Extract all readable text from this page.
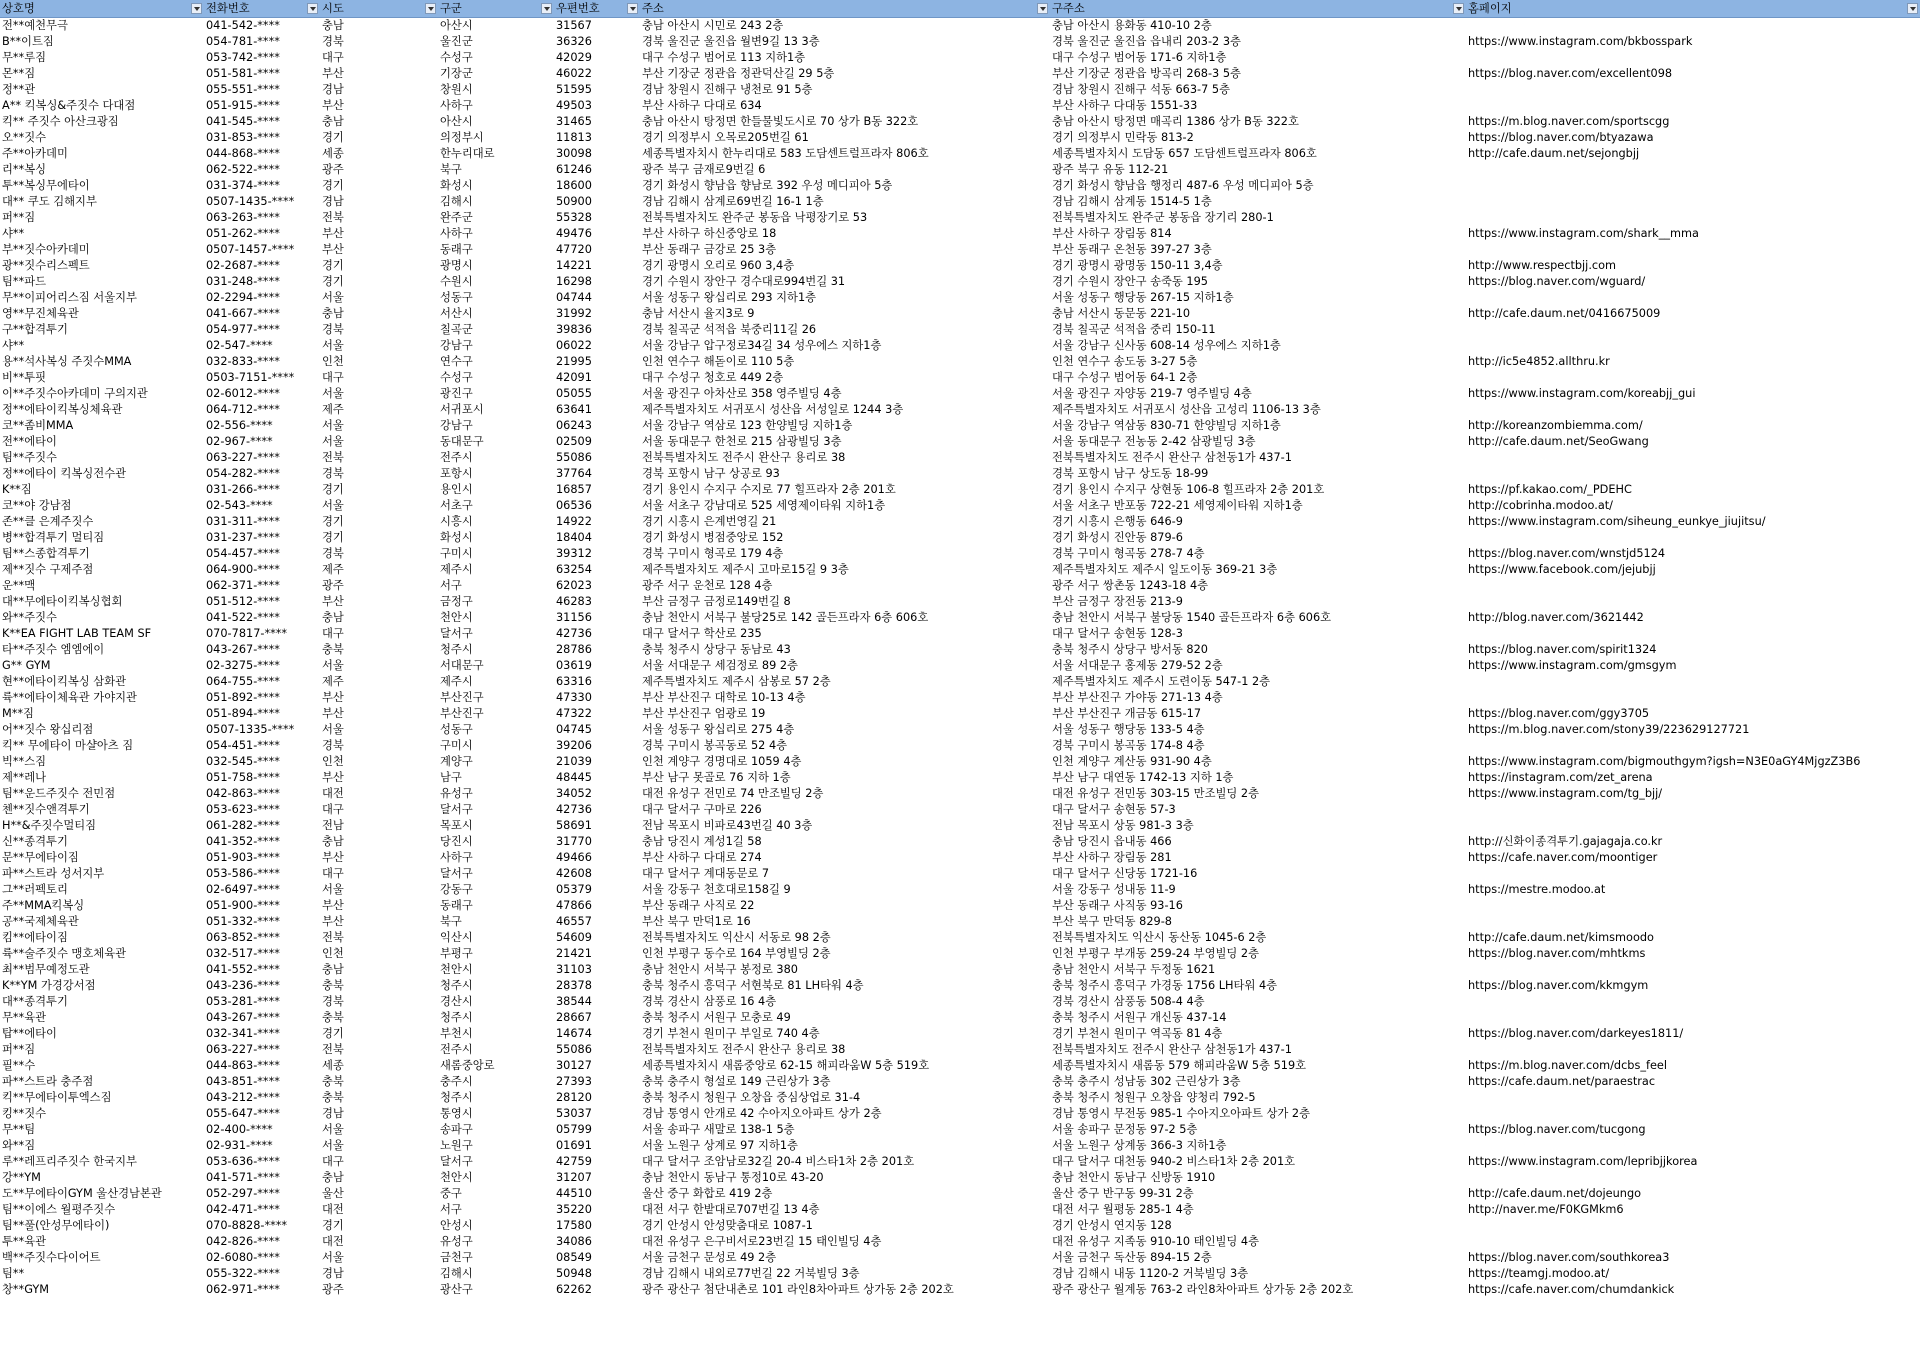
상호명	전화번호	시도	구군	우편번호	주소	구주소	홈페이지

전**예천무극	041-542-****	충남	아산시	31567	충남 아산시 시민로 243 2층	충남 아산시 용화동 410-10 2층	
B**이트짐	054-781-****	경북	울진군	36326	경북 울진군 울진읍 월변9길 13 3층	경북 울진군 울진읍 읍내리 203-2 3층	https://www.instagram.com/bkbosspark
무**루짐	053-742-****	대구	수성구	42029	대구 수성구 범어로 113 지하1층	대구 수성구 범어동 171-6 지하1층	
몬**짐	051-581-****	부산	기장군	46022	부산 기장군 정관읍 정관덕산길 29 5층	부산 기장군 정관읍 방곡리 268-3 5층	https://blog.naver.com/excellent098
정**관	055-551-****	경남	창원시	51595	경남 창원시 진해구 냉천로 91 5층	경남 창원시 진해구 석동 663-7 5층	
A** 킥복싱&주짓수 다대점	051-915-****	부산	사하구	49503	부산 사하구 다대로 634	부산 사하구 다대동 1551-33	
킥** 주짓수 아산크광짐	041-545-****	충남	아산시	31465	충남 아산시 탕정면 한들물빛도시로 70 상가 B동 322호	충남 아산시 탕정면 매곡리 1386 상가 B동 322호	https://m.blog.naver.com/sportscgg
오**짓수	031-853-****	경기	의정부시	11813	경기 의정부시 오목로205번길 61	경기 의정부시 민락동 813-2	https://blog.naver.com/btyazawa
주**아카데미	044-868-****	세종	한누리대로	30098	세종특별자치시 한누리대로 583 도담센트럴프라자 806호	세종특별자치시 도담동 657 도담센트럴프라자 806호	http://cafe.daum.net/sejongbjj
리**복싱	062-522-****	광주	북구	61246	광주 북구 금재로9번길 6	광주 북구 유동 112-21	
투**복싱무에타이	031-374-****	경기	화성시	18600	경기 화성시 향남읍 향남로 392 우성 메디피아 5층	경기 화성시 향남읍 행정리 487-6 우성 메디피아 5층	
대** 쿠도 김해지부	0507-1435-****	경남	김해시	50900	경남 김해시 삼계로69번길 16-1 1층	경남 김해시 삼계동 1514-5 1층	
퍼**짐	063-263-****	전북	완주군	55328	전북특별자치도 완주군 봉동읍 낙평장기로 53	전북특별자치도 완주군 봉동읍 장기리 280-1	
샤**	051-262-****	부산	사하구	49476	부산 사하구 하신중앙로 18	부산 사하구 장림동 814	https://www.instagram.com/shark__mma
부**짓수아카데미	0507-1457-****	부산	동래구	47720	부산 동래구 금강로 25 3층	부산 동래구 온천동 397-27 3층	
광**짓수리스펙트	02-2687-****	경기	광명시	14221	경기 광명시 오리로 960 3,4층	경기 광명시 광명동 150-11 3,4층	http://www.respectbjj.com
팀**파드	031-248-****	경기	수원시	16298	경기 수원시 장안구 경수대로994번길 31	경기 수원시 장안구 송죽동 195	https://blog.naver.com/wguard/
무**이피어리스짐 서울지부	02-2294-****	서울	성동구	04744	서울 성동구 왕십리로 293 지하1층	서울 성동구 행당동 267-15 지하1층	
영**무진체육관	041-667-****	충남	서산시	31992	충남 서산시 율지3로 9	충남 서산시 동문동 221-10	http://cafe.daum.net/0416675009
구**합격투기	054-977-****	경북	칠곡군	39836	경북 칠곡군 석적읍 북중리11길 26	경북 칠곡군 석적읍 중리 150-11	
샤**	02-547-****	서울	강남구	06022	서울 강남구 압구정로34길 34 성우에스 지하1층	서울 강남구 신사동 608-14 성우에스 지하1층	
용**석사복싱 주짓수MMA	032-833-****	인천	연수구	21995	인천 연수구 해돋이로 110 5층	인천 연수구 송도동 3-27 5층	http://ic5e4852.allthru.kr
비**투핏	0503-7151-****	대구	수성구	42091	대구 수성구 청호로 449 2층	대구 수성구 범어동 64-1 2층	
이**주짓수아카데미 구의지관	02-6012-****	서울	광진구	05055	서울 광진구 아차산로 358 영주빌딩 4층	서울 광진구 자양동 219-7 영주빌딩 4층	https://www.instagram.com/koreabjj_gui
정**에타이킥복싱체육관	064-712-****	제주	서귀포시	63641	제주특별자치도 서귀포시 성산읍 서성일로 1244 3층	제주특별자치도 서귀포시 성산읍 고성리 1106-13 3층	
코**좀비MMA	02-556-****	서울	강남구	06243	서울 강남구 역삼로 123 한양빌딩 지하1층	서울 강남구 역삼동 830-71 한양빌딩 지하1층	http://koreanzombiemma.com/
전**에타이	02-967-****	서울	동대문구	02509	서울 동대문구 한천로 215 삼광빌딩 3층	서울 동대문구 전농동 2-42 삼광빌딩 3층	http://cafe.daum.net/SeoGwang
팀**주짓수	063-227-****	전북	전주시	55086	전북특별자치도 전주시 완산구 용리로 38	전북특별자치도 전주시 완산구 삼천동1가 437-1	
정**에타이 킥복싱전수관	054-282-****	경북	포항시	37764	경북 포항시 남구 상공로 93	경북 포항시 남구 상도동 18-99	
K**짐	031-266-****	경기	용인시	16857	경기 용인시 수지구 수지로 77 힐프라자 2층 201호	경기 용인시 수지구 상현동 106-8 힐프라자 2층 201호	https://pf.kakao.com/_PDEHC
코**야 강남점	02-543-****	서울	서초구	06536	서울 서초구 강남대로 525 세영제이타워 지하1층	서울 서초구 반포동 722-21 세영제이타워 지하1층	http://cobrinha.modoo.at/
존**클 은계주짓수	031-311-****	경기	시흥시	14922	경기 시흥시 은계번영길 21	경기 시흥시 은행동 646-9	https://www.instagram.com/siheung_eunkye_jiujitsu/
병**합격투기 멀티짐	031-237-****	경기	화성시	18404	경기 화성시 병점중앙로 152	경기 화성시 진안동 879-6	
팀**스종합격투기	054-457-****	경북	구미시	39312	경북 구미시 형곡로 179 4층	경북 구미시 형곡동 278-7 4층	https://blog.naver.com/wnstjd5124
제**짓수 구제주점	064-900-****	제주	제주시	63254	제주특별자치도 제주시 고마로15길 9 3층	제주특별자치도 제주시 일도이동 369-21 3층	https://www.facebook.com/jejubjj
운**맥	062-371-****	광주	서구	62023	광주 서구 운천로 128 4층	광주 서구 쌍촌동 1243-18 4층	
대**무에타이킥복싱협회	051-512-****	부산	금정구	46283	부산 금정구 금정로149번길 8	부산 금정구 장전동 213-9	
와**주짓수	041-522-****	충남	천안시	31156	충남 천안시 서북구 불당25로 142 골든프라자 6층 606호	충남 천안시 서북구 불당동 1540 골든프라자 6층 606호	http://blog.naver.com/3621442
K**EA FIGHT LAB TEAM SF	070-7817-****	대구	달서구	42736	대구 달서구 학산로 235	대구 달서구 송현동 128-3	
타**주짓수 엠엠에이	043-267-****	충북	청주시	28786	충북 청주시 상당구 동남로 43	충북 청주시 상당구 방서동 820	https://blog.naver.com/spirit1324
G** GYM	02-3275-****	서울	서대문구	03619	서울 서대문구 세검정로 89 2층	서울 서대문구 홍제동 279-52 2층	https://www.instagram.com/gmsgym
현**에타이킥복싱 삼화관	064-755-****	제주	제주시	63316	제주특별자치도 제주시 삼봉로 57 2층	제주특별자치도 제주시 도련이동 547-1 2층	
륙**에타이체육관 가야지관	051-892-****	부산	부산진구	47330	부산 부산진구 대학로 10-13 4층	부산 부산진구 가야동 271-13 4층	
M**짐	051-894-****	부산	부산진구	47322	부산 부산진구 엄광로 19	부산 부산진구 개금동 615-17	https://blog.naver.com/ggy3705
어**짓수 왕십리점	0507-1335-****	서울	성동구	04745	서울 성동구 왕십리로 275 4층	서울 성동구 행당동 133-5 4층	https://m.blog.naver.com/stony39/223629127721
킥** 무에타이 마샬아츠 짐	054-451-****	경북	구미시	39206	경북 구미시 봉곡동로 52 4층	경북 구미시 봉곡동 174-8 4층	
빅**스짐	032-545-****	인천	계양구	21039	인천 계양구 경명대로 1059 4층	인천 계양구 계산동 931-90 4층	https://www.instagram.com/bigmouthgym?igsh=N3E0aGY4MjgzZ3B6
제**레나	051-758-****	부산	남구	48445	부산 남구 못골로 76 지하 1층	부산 남구 대연동 1742-13 지하 1층	https://instagram.com/zet_arena
팀**운드주짓수 전민점	042-863-****	대전	유성구	34052	대전 유성구 전민로 74 만조빌딩 2층	대전 유성구 전민동 303-15 만조빌딩 2층	https://www.instagram.com/tg_bjj/
첸**짓수앤격투기	053-623-****	대구	달서구	42736	대구 달서구 구마로 226	대구 달서구 송현동 57-3	
H**&주짓수멀티짐	061-282-****	전남	목포시	58691	전남 목포시 비파로43번길 40 3층	전남 목포시 상동 981-3 3층	
신**종격투기	041-352-****	충남	당진시	31770	충남 당진시 계성1길 58	충남 당진시 읍내동 466	http://신화이종격투기.gajagaja.co.kr
문**무에타이짐	051-903-****	부산	사하구	49466	부산 사하구 다대로 274	부산 사하구 장림동 281	https://cafe.naver.com/moontiger
파**스트라 성서지부	053-586-****	대구	달서구	42608	대구 달서구 계대동문로 7	대구 달서구 신당동 1721-16	
그**러펙토리	02-6497-****	서울	강동구	05379	서울 강동구 천호대로158길 9	서울 강동구 성내동 11-9	https://mestre.modoo.at
주**MMA킥복싱	051-900-****	부산	동래구	47866	부산 동래구 사직로 22	부산 동래구 사직동 93-16	
공**국제체육관	051-332-****	부산	북구	46557	부산 북구 만덕1로 16	부산 북구 만덕동 829-8	
킴**에타이짐	063-852-****	전북	익산시	54609	전북특별자치도 익산시 서동로 98 2층	전북특별자치도 익산시 동산동 1045-6 2층	http://cafe.daum.net/kimsmoodo
륙**술주짓수 맹호체육관	032-517-****	인천	부평구	21421	인천 부평구 동수로 164 부영빌딩 2층	인천 부평구 부개동 259-24 부영빌딩 2층	https://blog.naver.com/mhtkms
최**범무예정도관	041-552-****	충남	천안시	31103	충남 천안시 서북구 봉정로 380	충남 천안시 서북구 두정동 1621	
K**YM 가경강서점	043-236-****	충북	청주시	28378	충북 청주시 흥덕구 서현북로 81 LH타워 4층	충북 청주시 흥덕구 가경동 1756 LH타워 4층	https://blog.naver.com/kkmgym
대**종격투기	053-281-****	경북	경산시	38544	경북 경산시 삼풍로 16 4층	경북 경산시 삼풍동 508-4 4층	
무**육관	043-267-****	충북	청주시	28667	충북 청주시 서원구 모충로 49	충북 청주시 서원구 개신동 437-14	
탑**에타이	032-341-****	경기	부천시	14674	경기 부천시 원미구 부일로 740 4층	경기 부천시 원미구 역곡동 81 4층	https://blog.naver.com/darkeyes1811/
퍼**짐	063-227-****	전북	전주시	55086	전북특별자치도 전주시 완산구 용리로 38	전북특별자치도 전주시 완산구 삼천동1가 437-1	
필**수	044-863-****	세종	새롬중앙로	30127	세종특별자치시 새롬중앙로 62-15 해피라움W 5층 519호	세종특별자치시 새롬동 579 해피라움W 5층 519호	https://m.blog.naver.com/dcbs_feel
파**스트라 충주점	043-851-****	충북	충주시	27393	충북 충주시 형설로 149 근린상가 3층	충북 충주시 성남동 302 근린상가 3층	https://cafe.daum.net/paraestrac
킥**무에타이투엑스짐	043-212-****	충북	청주시	28120	충북 청주시 청원구 오창읍 중심상업로 31-4	충북 청주시 청원구 오창읍 양청리 792-5	
킹**짓수	055-647-****	경남	통영시	53037	경남 통영시 안개로 42 수아지오아파트 상가 2층	경남 통영시 무전동 985-1 수아지오아파트 상가 2층	
무**팀	02-400-****	서울	송파구	05799	서울 송파구 새말로 138-1 5층	서울 송파구 문정동 97-2 5층	https://blog.naver.com/tucgong
와**짐	02-931-****	서울	노원구	01691	서울 노원구 상계로 97 지하1층	서울 노원구 상계동 366-3 지하1층	
루**레프리주짓수 한국지부	053-636-****	대구	달서구	42759	대구 달서구 조암남로32길 20-4 비스타1차 2층 201호	대구 달서구 대천동 940-2 비스타1차 2층 201호	https://www.instagram.com/lepribjjkorea
강**YM	041-571-****	충남	천안시	31207	충남 천안시 동남구 통정10로 43-20	충남 천안시 동남구 신방동 1910	
도**무에타이GYM 울산경남본관	052-297-****	울산	중구	44510	울산 중구 화합로 419 2층	울산 중구 반구동 99-31 2층	http://cafe.daum.net/dojeungo
팀**이에스 월평주짓수	042-471-****	대전	서구	35220	대전 서구 한밭대로707번길 13 4층	대전 서구 월평동 285-1 4층	http://naver.me/F0KGMkm6
팀**풀(안성무에타이)	070-8828-****	경기	안성시	17580	경기 안성시 안성맞춤대로 1087-1	경기 안성시 연지동 128	
투**육관	042-826-****	대전	유성구	34086	대전 유성구 은구비서로23번길 15 태인빌딩 4층	대전 유성구 지족동 910-10 태인빌딩 4층	
백**주짓수다이어트	02-6080-****	서울	금천구	08549	서울 금천구 문성로 49 2층	서울 금천구 독산동 894-15 2층	https://blog.naver.com/southkorea3
팀**	055-322-****	경남	김해시	50948	경남 김해시 내외로77번길 22 거북빌딩 3층	경남 김해시 내동 1120-2 거북빌딩 3층	https://teamgj.modoo.at/
창**GYM	062-971-****	광주	광산구	62262	광주 광산구 첨단내촌로 101 라인8차아파트 상가동 2층 202호	광주 광산구 월계동 763-2 라인8차아파트 상가동 2층 202호	https://cafe.naver.com/chumdankick
